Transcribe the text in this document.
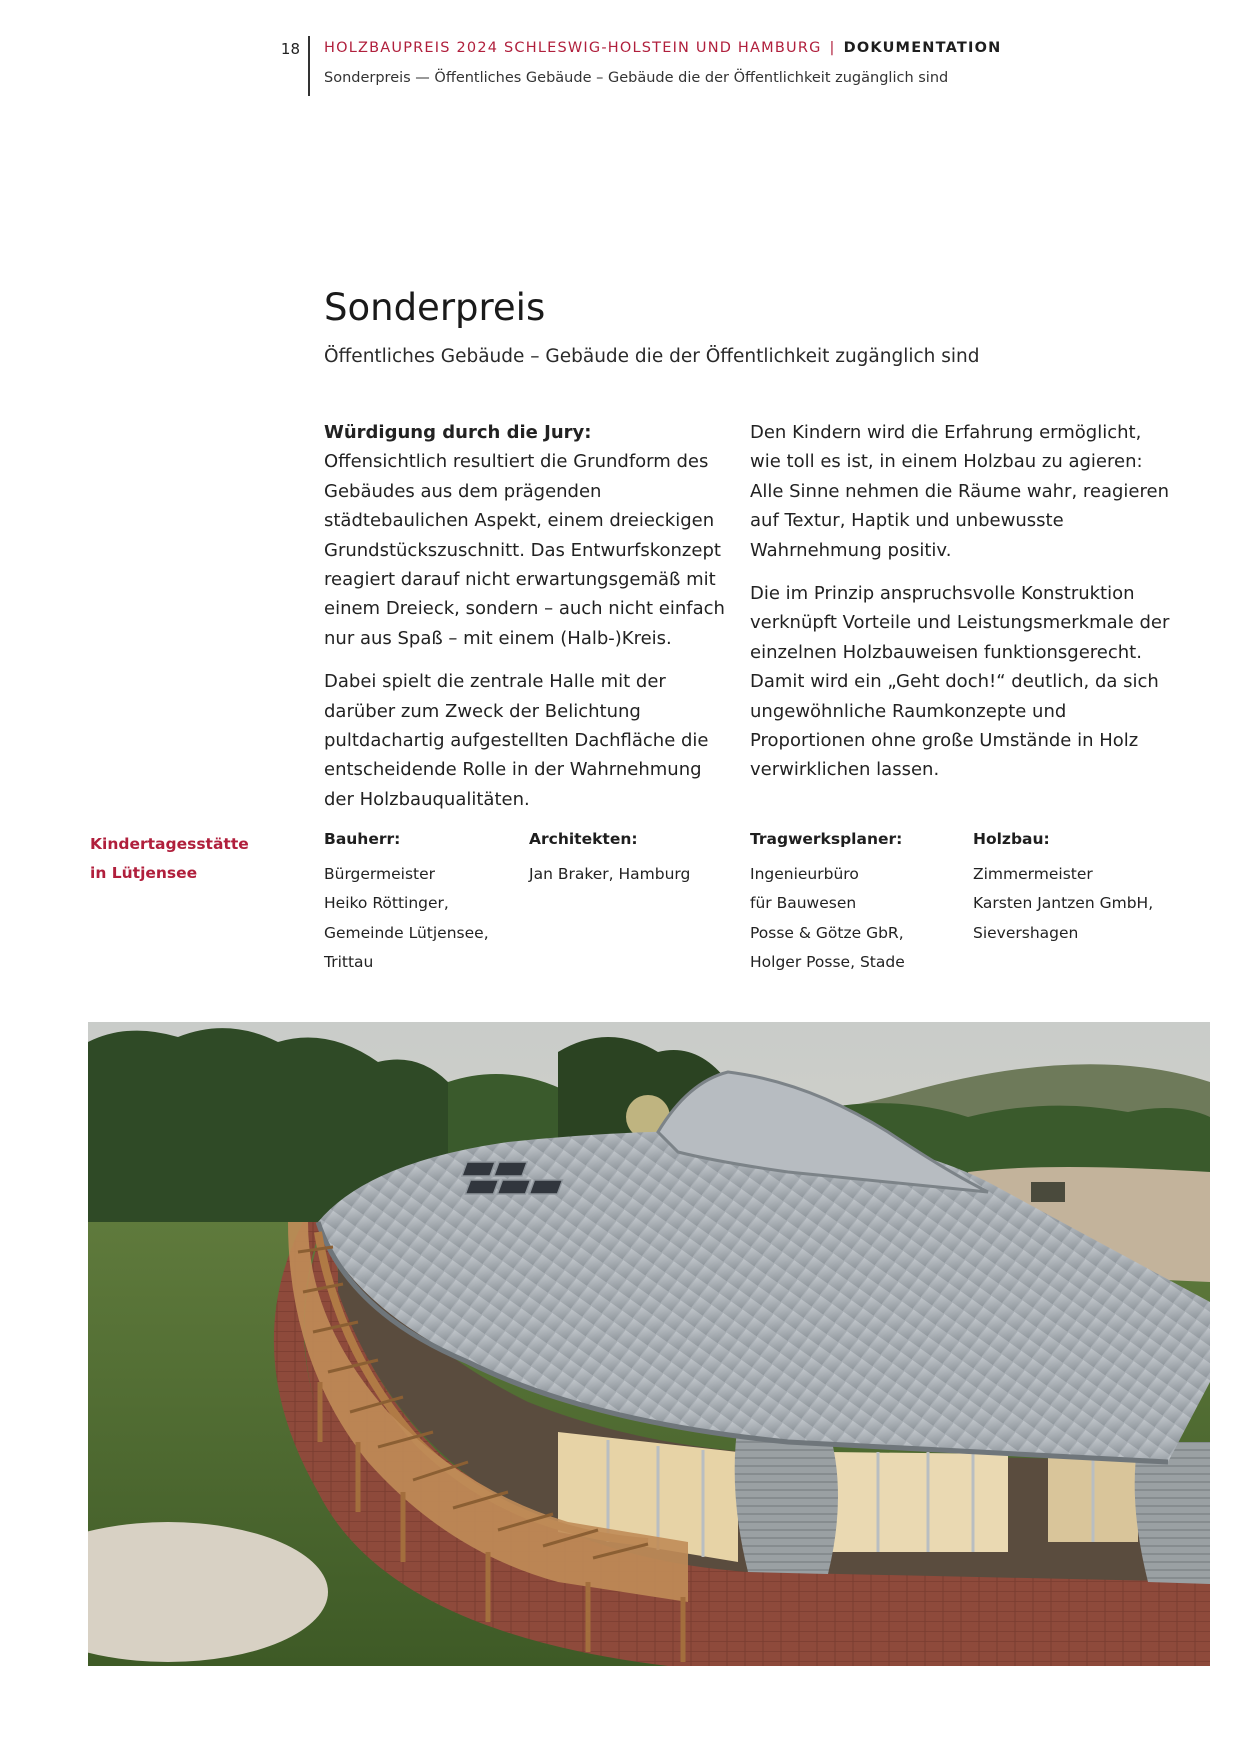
18 HOLZBAUPREIS 2024 SCHLESWIG-HOLSTEIN UND HAMBURG | DOKUMENTATION
Sonderpreis — Öffentliches Gebäude – Gebäude die der Öffentlichkeit zugänglich sind
Sonderpreis
Öffentliches Gebäude – Gebäude die der Öffentlichkeit zugänglich sind

Würdigung durch die Jury:
Offensichtlich resultiert die Grundform des Gebäudes aus dem prägenden städtebaulichen Aspekt, einem dreieckigen Grundstückszuschnitt. Das Entwurfskonzept reagiert darauf nicht erwartungsgemäß mit einem Dreieck, sondern – auch nicht einfach nur aus Spaß – mit einem (Halb-)Kreis.

Dabei spielt die zentrale Halle mit der darüber zum Zweck der Belichtung pultdachartig aufgestellten Dachfläche die entscheidende Rolle in der Wahrnehmung der Holzbauqualitäten.

Den Kindern wird die Erfahrung ermöglicht, wie toll es ist, in einem Holzbau zu agieren: Alle Sinne nehmen die Räume wahr, reagieren auf Textur, Haptik und unbewusste Wahrnehmung positiv.

Die im Prinzip anspruchsvolle Konstruktion verknüpft Vorteile und Leistungsmerkmale der einzelnen Holzbauweisen funktionsgerecht. Damit wird ein „Geht doch!“ deutlich, da sich ungewöhnliche Raumkonzepte und Proportionen ohne große Umstände in Holz verwirklichen lassen.

Kindertagesstätte
in Lütjensee
Bauherr:
Bürgermeister
Heiko Röttinger,
Gemeinde Lütjensee,
Trittau
Architekten:
Jan Braker, Hamburg
Tragwerksplaner:
Ingenieurbüro
für Bauwesen
Posse & Götze GbR,
Holger Posse, Stade
Holzbau:
Zimmermeister
Karsten Jantzen GmbH,
Sievershagen
